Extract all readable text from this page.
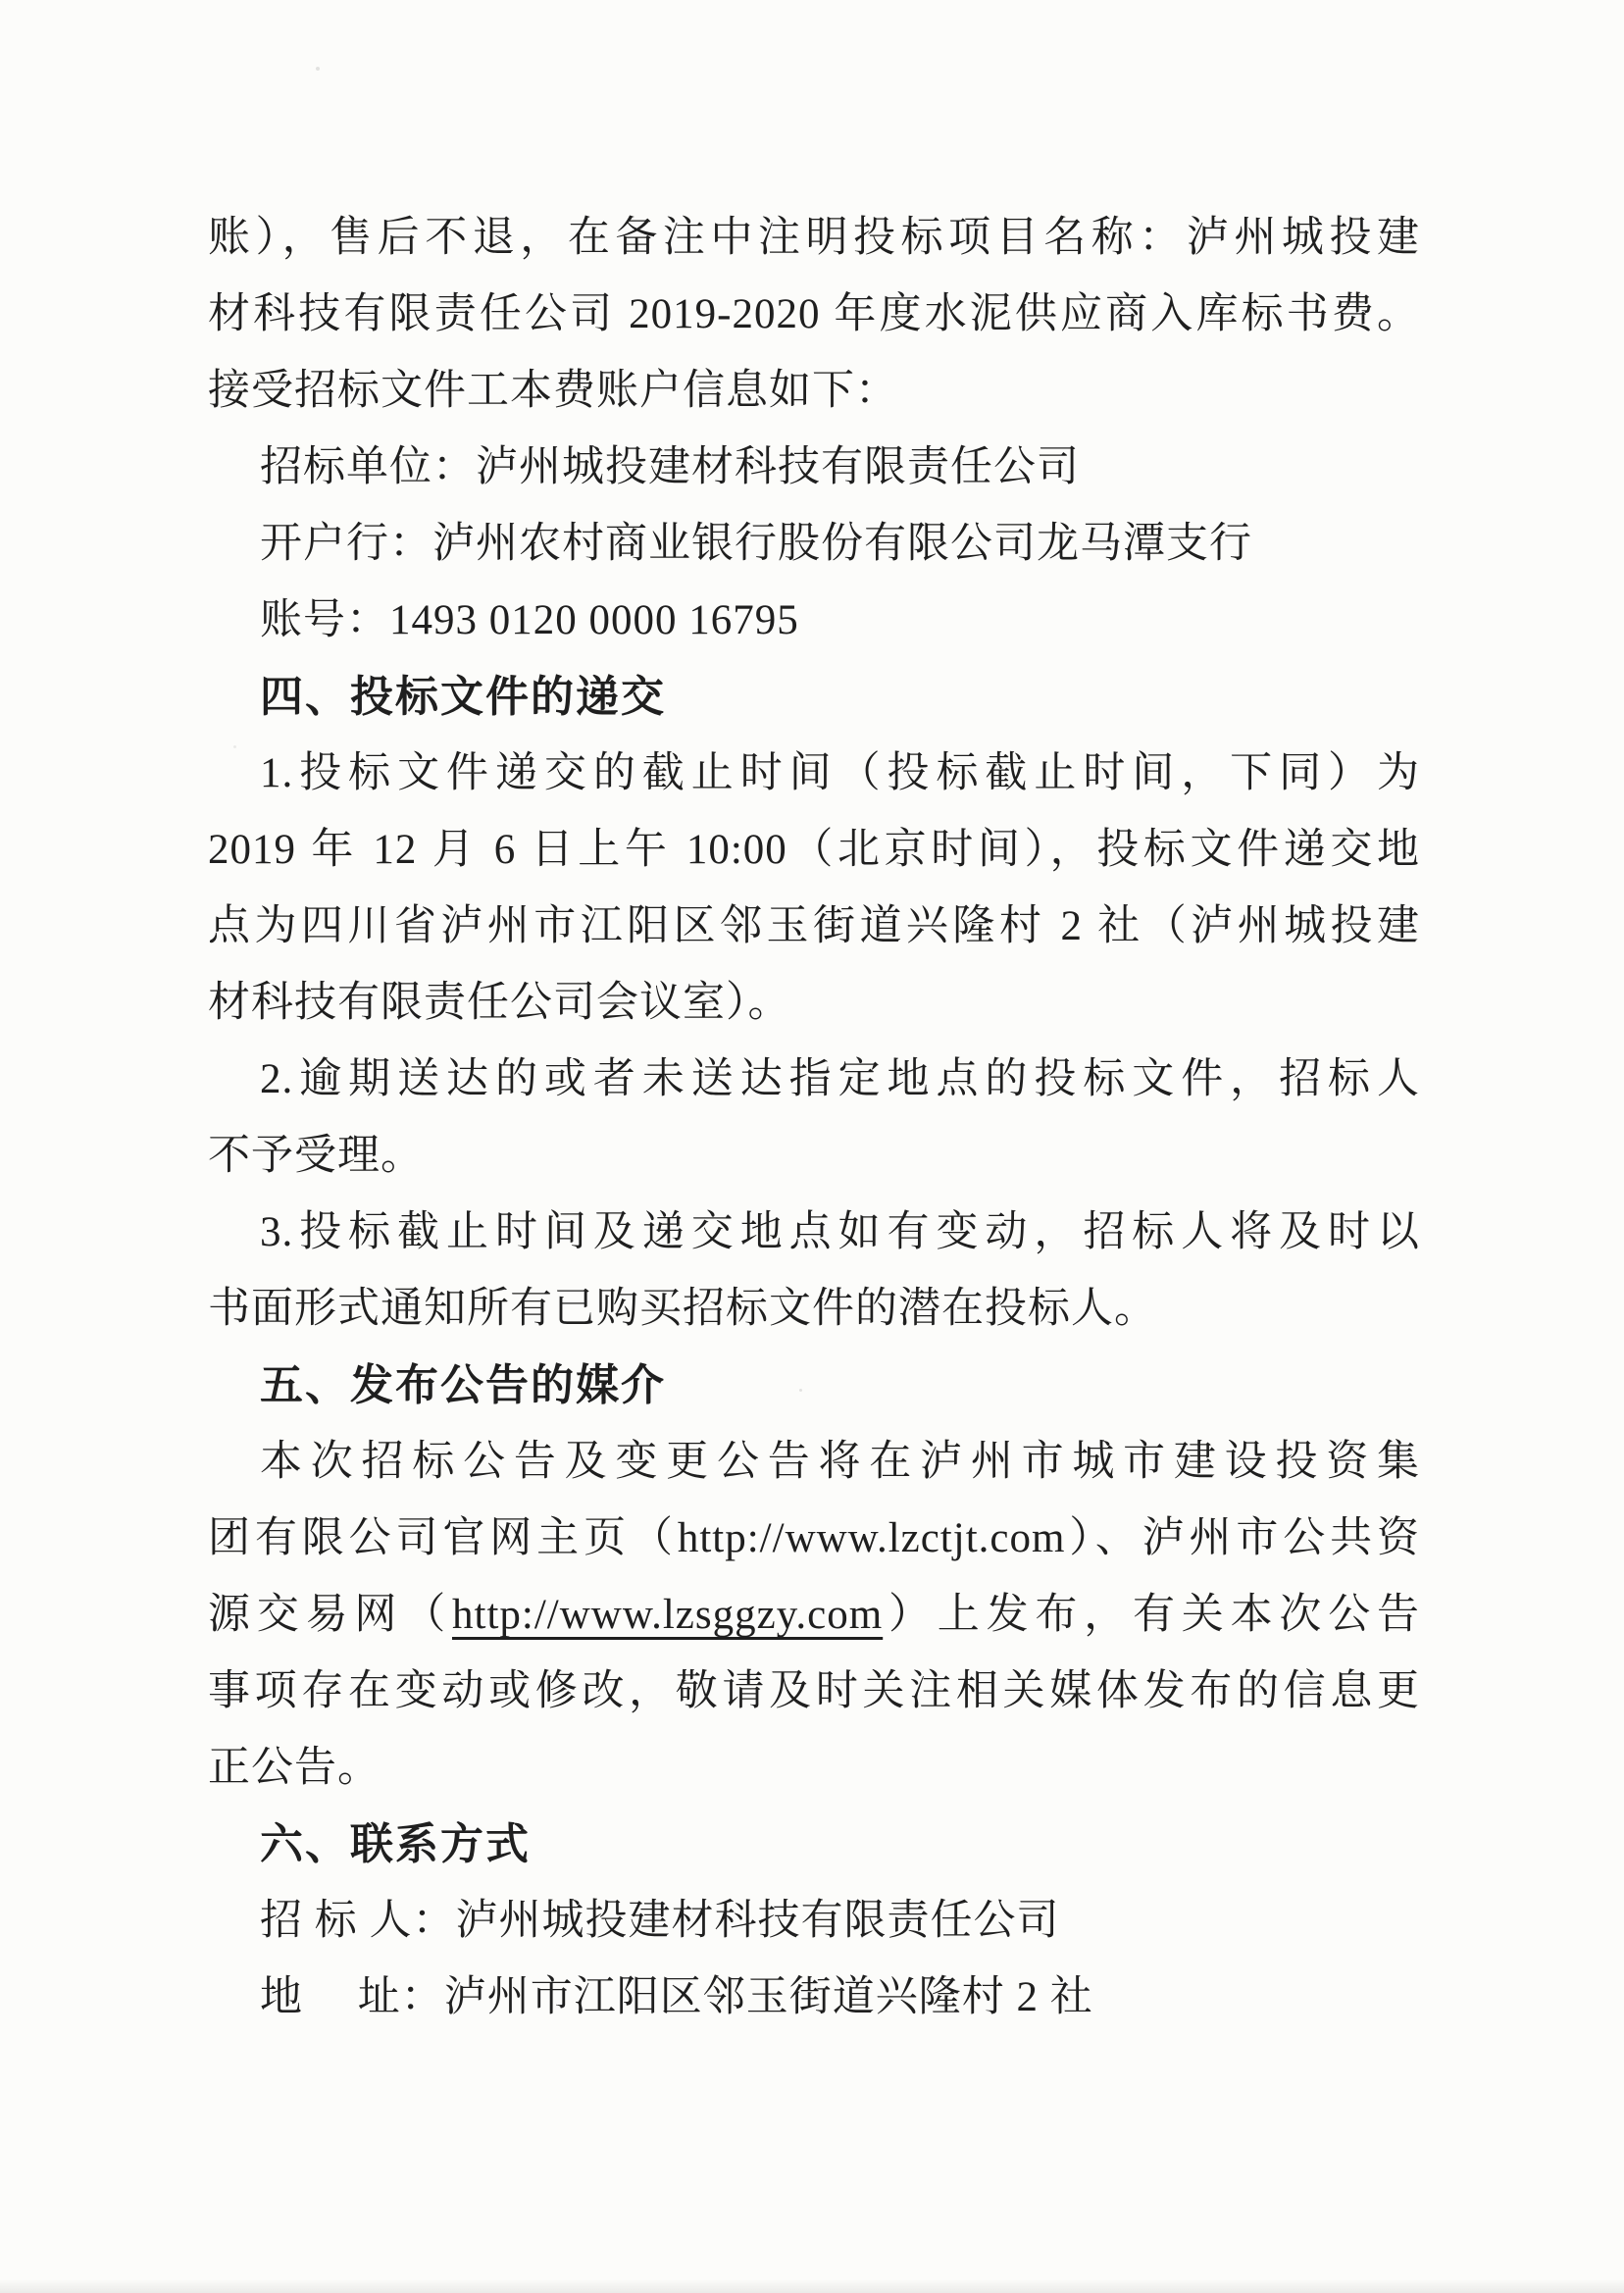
账），售后不退，在备注中注明投标项目名称：泸州城投建
材科技有限责任公司 2019-2020 年度水泥供应商入库标书费。
接受招标文件工本费账户信息如下：
招标单位：泸州城投建材科技有限责任公司
开户行：泸州农村商业银行股份有限公司龙马潭支行
账号：1493 0120 0000 16795
四、投标文件的递交
1.投标文件递交的截止时间（投标截止时间，下同）为
2019 年 12 月 6 日上午 10:00（北京时间），投标文件递交地
点为四川省泸州市江阳区邻玉街道兴隆村 2 社（泸州城投建
材科技有限责任公司会议室）。
2.逾期送达的或者未送达指定地点的投标文件，招标人
不予受理。
3.投标截止时间及递交地点如有变动，招标人将及时以
书面形式通知所有已购买招标文件的潜在投标人。
五、发布公告的媒介
本次招标公告及变更公告将在泸州市城市建设投资集
团有限公司官网主页（http://www.lzctjt.com）、泸州市公共资
源交易网（http://www.lzsggzy.com）上发布，有关本次公告
事项存在变动或修改，敬请及时关注相关媒体发布的信息更
正公告。
六、联系方式
招 标 人：泸州城投建材科技有限责任公司
地　 址：泸州市江阳区邻玉街道兴隆村 2 社
